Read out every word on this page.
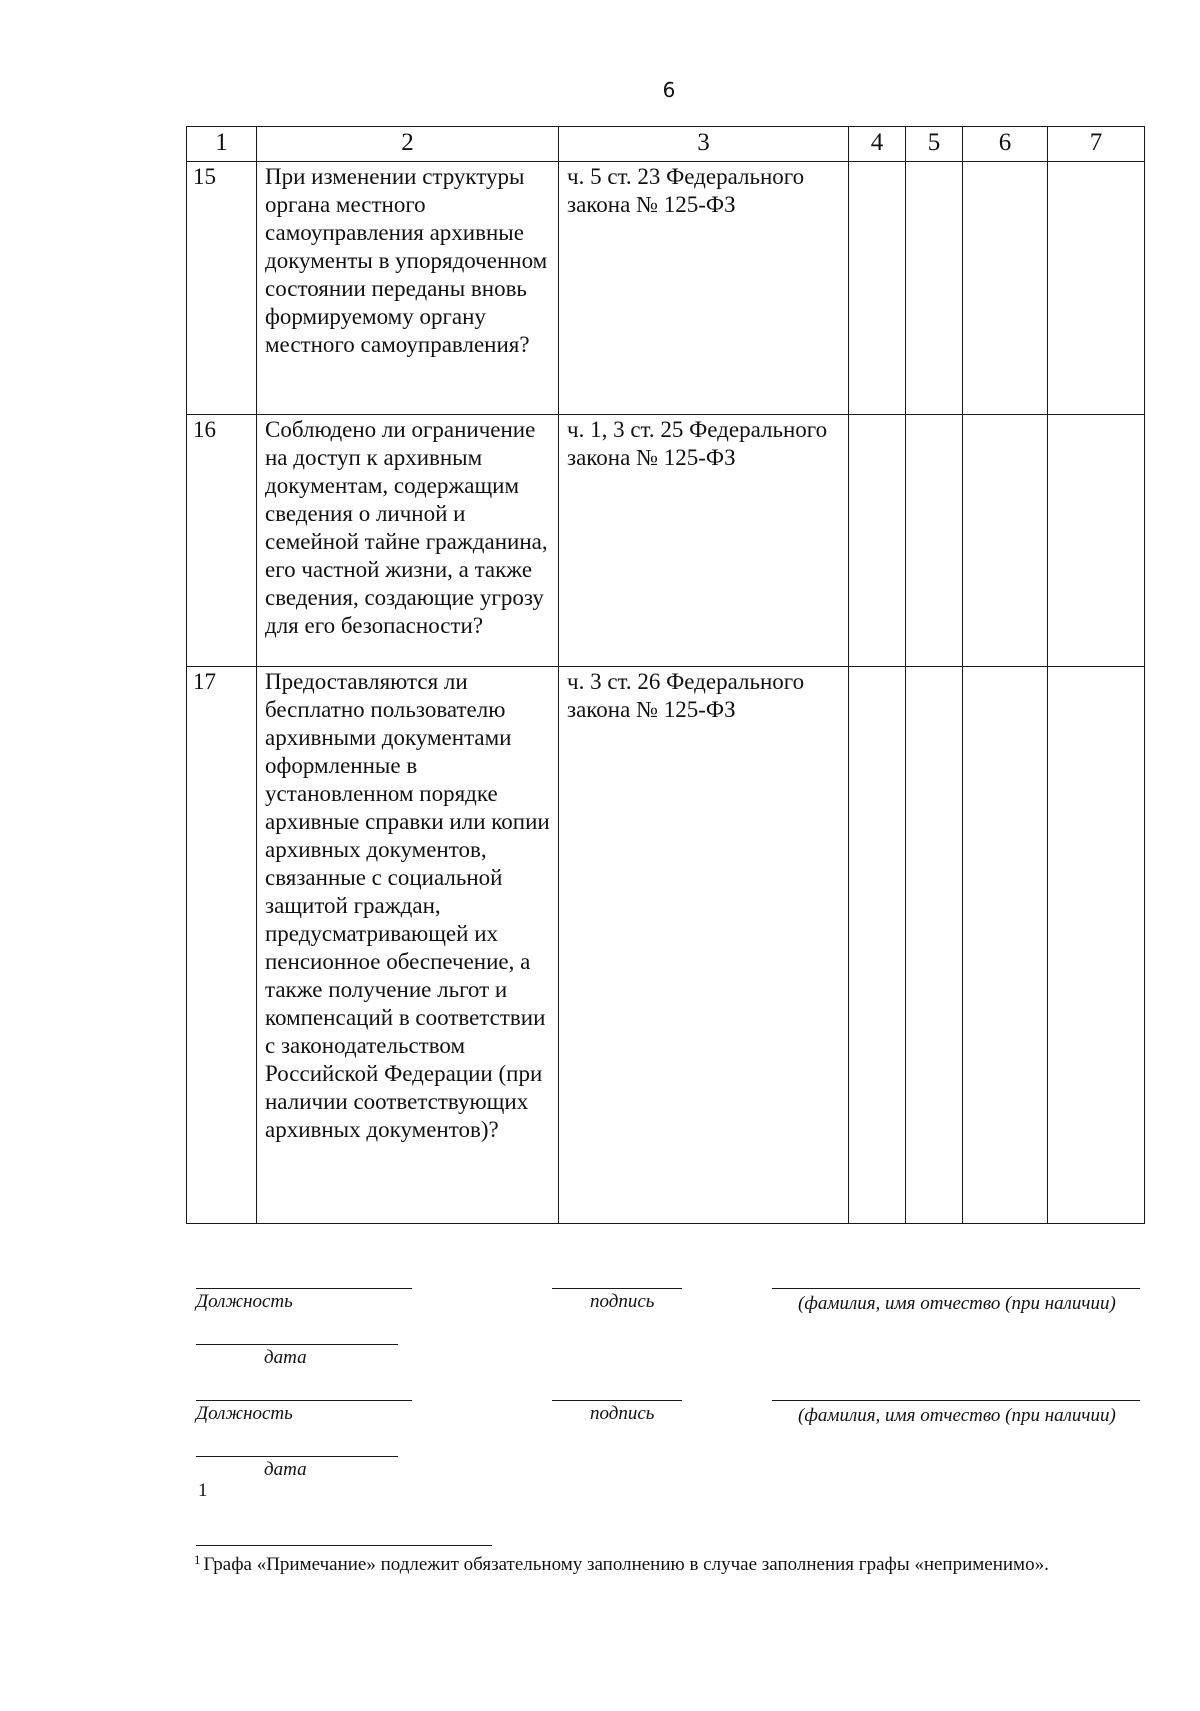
6
1	2	3	4	5	6	7
15	При изменении структуры органа местного самоуправления архивные документы в упорядоченном состоянии переданы вновь формируемому органу местного самоуправления?	ч. 5 ст. 23 Федерального закона № 125-ФЗ				
16	Соблюдено ли ограничение на доступ к архивным документам, содержащим сведения о личной и семейной тайне гражданина, его частной жизни, а также сведения, создающие угрозу для его безопасности?	ч. 1, 3 ст. 25 Федерального закона № 125-ФЗ				
17	Предоставляются ли бесплатно пользователю архивными документами оформленные в установленном порядке архивные справки или копии архивных документов, связанные с социальной защитой граждан, предусматривающей их пенсионное обеспечение, а также получение льгот и компенсаций в соответствии с законодательством Российской Федерации (при наличии соответствующих архивных документов)?	ч. 3 ст. 26 Федерального закона № 125-ФЗ				
Должность	подпись	(фамилия, имя отчество (при наличии)
дата
Должность	подпись	(фамилия, имя отчество (при наличии)
дата
1
$^1$ Графа «Примечание» подлежит обязательному заполнению в случае заполнения графы «неприменимо».
